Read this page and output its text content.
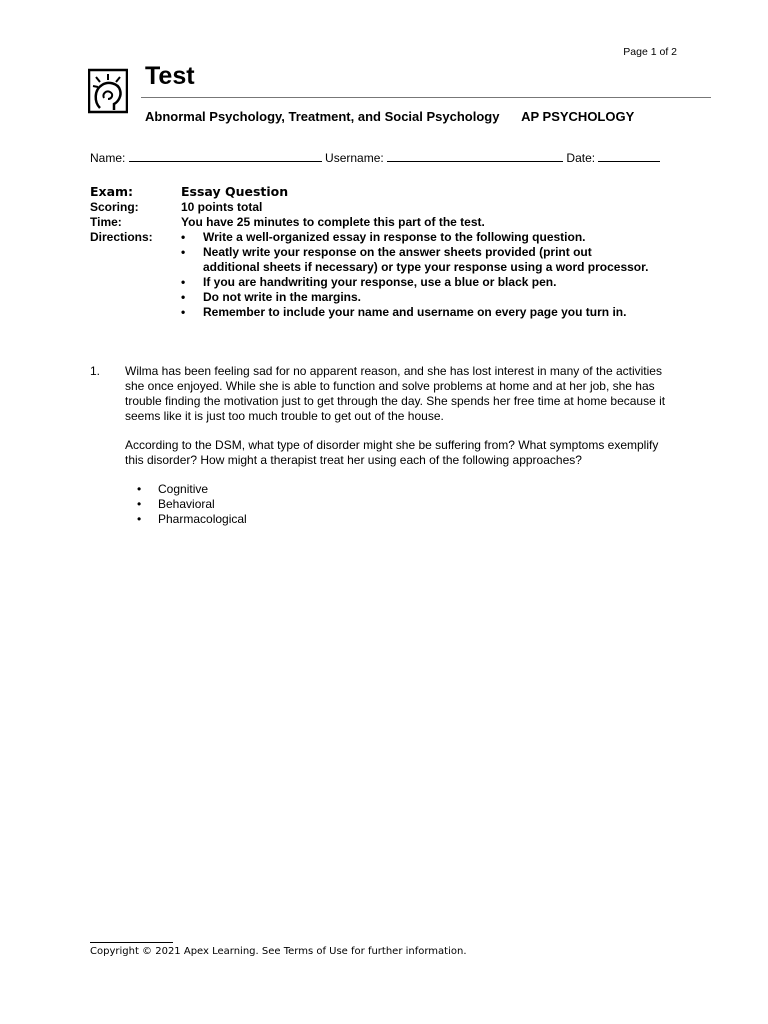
Page 1 of 2
Test
Abnormal Psychology, Treatment, and Social Psychology AP PSYCHOLOGY
Name:	Username:	Date:
Exam:	Essay Question
Scoring:	10 points total
Time:	You have 25 minutes to complete this part of the test.
Directions:	• Write a well-organized essay in response to the following question.
• Neatly write your response on the answer sheets provided (print out additional sheets if necessary) or type your response using a word processor.
• If you are handwriting your response, use a blue or black pen.
• Do not write in the margins.
• Remember to include your name and username on every page you turn in.
1. Wilma has been feeling sad for no apparent reason, and she has lost interest in many of the activities she once enjoyed. While she is able to function and solve problems at home and at her job, she has trouble finding the motivation just to get through the day. She spends her free time at home because it seems like it is just too much trouble to get out of the house.

According to the DSM, what type of disorder might she be suffering from? What symptoms exemplify this disorder? How might a therapist treat her using each of the following approaches?

• Cognitive
• Behavioral
• Pharmacological
Copyright © 2021 Apex Learning. See Terms of Use for further information.
